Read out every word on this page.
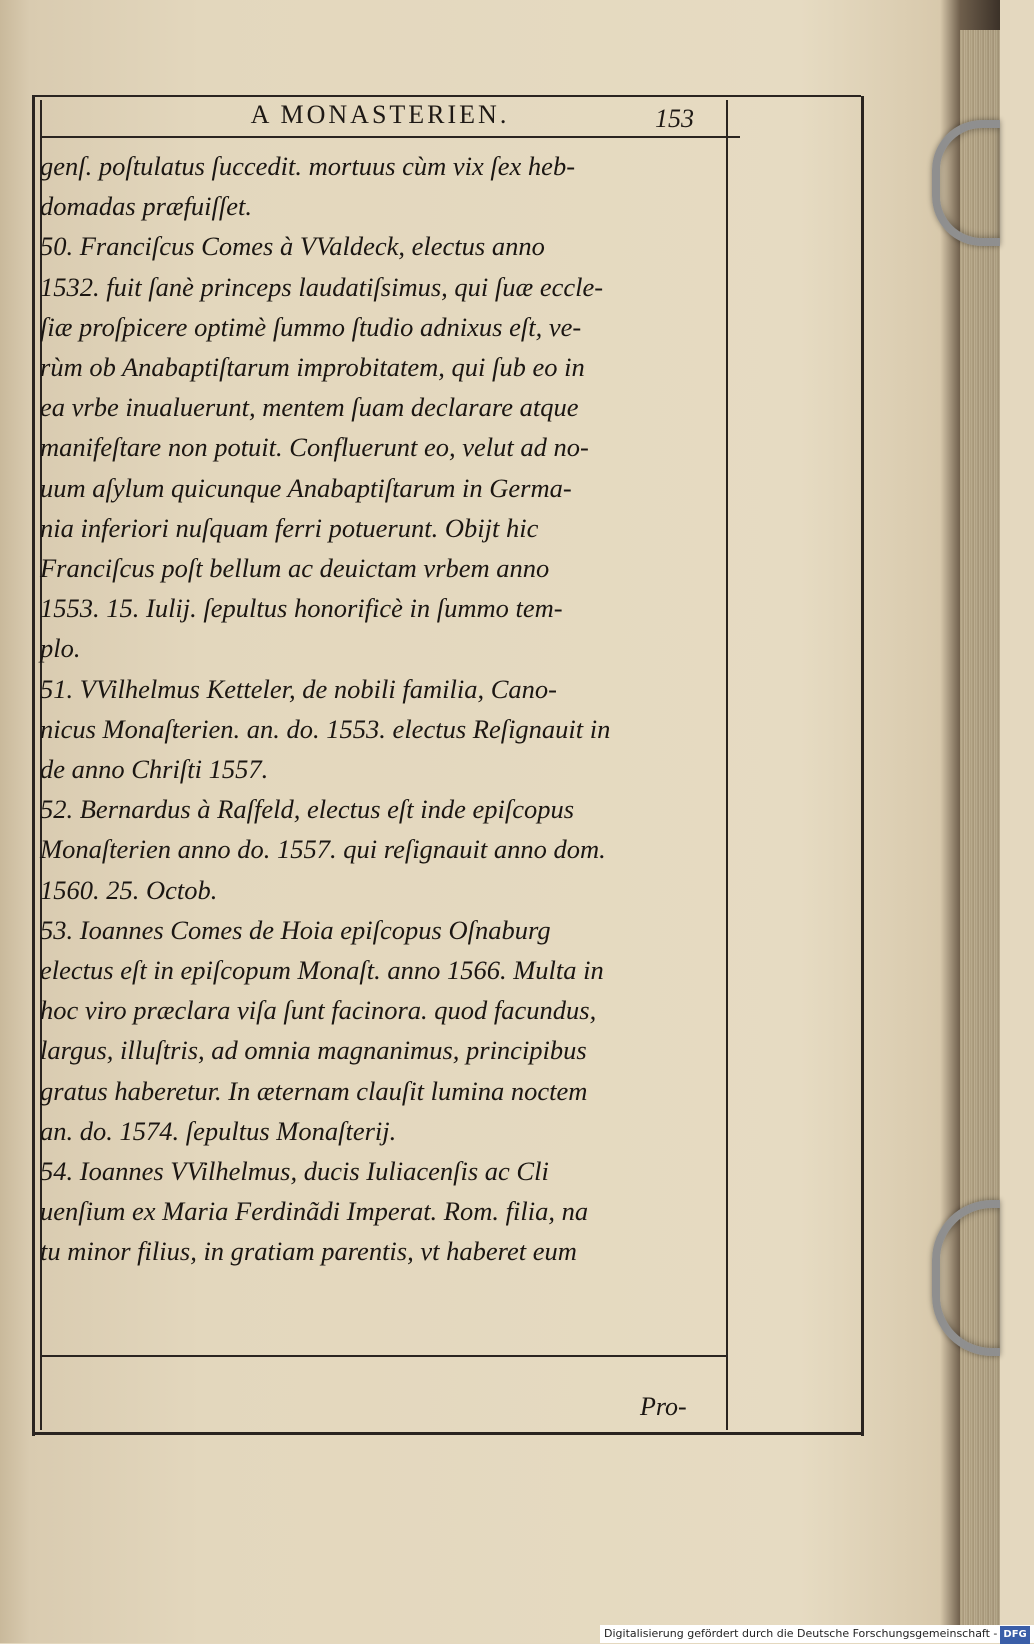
A MONASTERIEN.	153
genſ. poſtulatus ſuccedit. mortuus cùm vix ſex heb-
domadas præfuiſſet.
50. Franciſcus Comes à VValdeck, electus anno
1532. fuit ſanè princeps laudatiſsimus, qui ſuæ eccle-
ſiæ proſpicere optimè ſummo ſtudio adnixus eſt, ve-
rùm ob Anabaptiſtarum improbitatem, qui ſub eo in
ea vrbe inualuerunt, mentem ſuam declarare atque
manifeſtare non potuit. Confluerunt eo, velut ad no-
uum aſylum quicunque Anabaptiſtarum in Germa-
nia inferiori nuſquam ferri potuerunt. Obijt hic
Franciſcus poſt bellum ac deuictam vrbem anno
1553. 15. Iulij. ſepultus honorificè in ſummo tem-
plo.
51. VVilhelmus Ketteler, de nobili familia, Cano-
nicus Monaſterien. an. do. 1553. electus Reſignauit in
de anno Chriſti 1557.
52. Bernardus à Raſfeld, electus eſt inde epiſcopus
Monaſterien anno do. 1557. qui reſignauit anno dom.
1560. 25. Octob.
53. Ioannes Comes de Hoia epiſcopus Oſnaburg
electus eſt in epiſcopum Monaſt. anno 1566. Multa in
hoc viro præclara viſa ſunt facinora. quod facundus,
largus, illuſtris, ad omnia magnanimus, principibus
gratus haberetur. In æternam clauſit lumina noctem
an. do. 1574. ſepultus Monaſterij.
54. Ioannes VVilhelmus, ducis Iuliacenſis ac Cli
uenſium ex Maria Ferdinãdi Imperat. Rom. filia, na
tu minor filius, in gratiam parentis, vt haberet eum
Pro-
Digitalisierung gefördert durch die Deutsche Forschungsgemeinschaft - DFG
